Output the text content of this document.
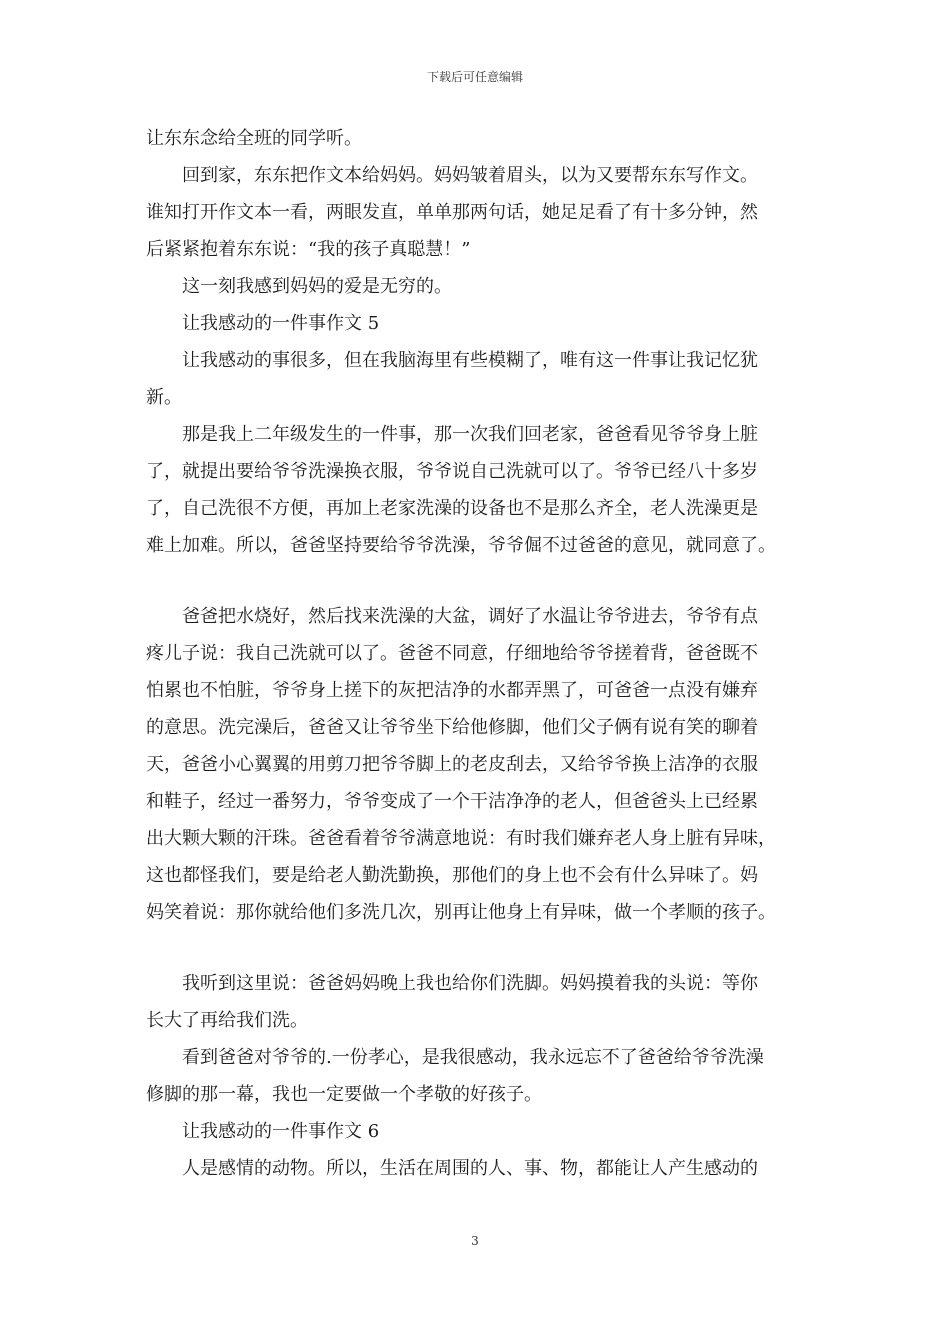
下载后可任意编辑
让东东念给全班的同学听。
回到家，东东把作文本给妈妈。妈妈皱着眉头，以为又要帮东东写作文。
谁知打开作文本一看，两眼发直，单单那两句话，她足足看了有十多分钟，然
后紧紧抱着东东说：“我的孩子真聪慧！”
这一刻我感到妈妈的爱是无穷的。
让我感动的一件事作文 5
让我感动的事很多，但在我脑海里有些模糊了，唯有这一件事让我记忆犹
新。
那是我上二年级发生的一件事，那一次我们回老家，爸爸看见爷爷身上脏
了，就提出要给爷爷洗澡换衣服，爷爷说自己洗就可以了。爷爷已经八十多岁
了，自己洗很不方便，再加上老家洗澡的设备也不是那么齐全，老人洗澡更是
难上加难。所以，爸爸坚持要给爷爷洗澡，爷爷倔不过爸爸的意见，就同意了。
爸爸把水烧好，然后找来洗澡的大盆，调好了水温让爷爷进去，爷爷有点
疼儿子说：我自己洗就可以了。爸爸不同意，仔细地给爷爷搓着背，爸爸既不
怕累也不怕脏，爷爷身上搓下的灰把洁净的水都弄黑了，可爸爸一点没有嫌弃
的意思。洗完澡后，爸爸又让爷爷坐下给他修脚，他们父子俩有说有笑的聊着
天，爸爸小心翼翼的用剪刀把爷爷脚上的老皮刮去，又给爷爷换上洁净的衣服
和鞋子，经过一番努力，爷爷变成了一个干洁净净的老人，但爸爸头上已经累
出大颗大颗的汗珠。爸爸看着爷爷满意地说：有时我们嫌弃老人身上脏有异味，
这也都怪我们，要是给老人勤洗勤换，那他们的身上也不会有什么异味了。妈
妈笑着说：那你就给他们多洗几次，别再让他身上有异味，做一个孝顺的孩子。
我听到这里说：爸爸妈妈晚上我也给你们洗脚。妈妈摸着我的头说：等你
长大了再给我们洗。
看到爸爸对爷爷的.一份孝心，是我很感动，我永远忘不了爸爸给爷爷洗澡
修脚的那一幕，我也一定要做一个孝敬的好孩子。
让我感动的一件事作文 6
人是感情的动物。所以，生活在周围的人、事、物，都能让人产生感动的
3
